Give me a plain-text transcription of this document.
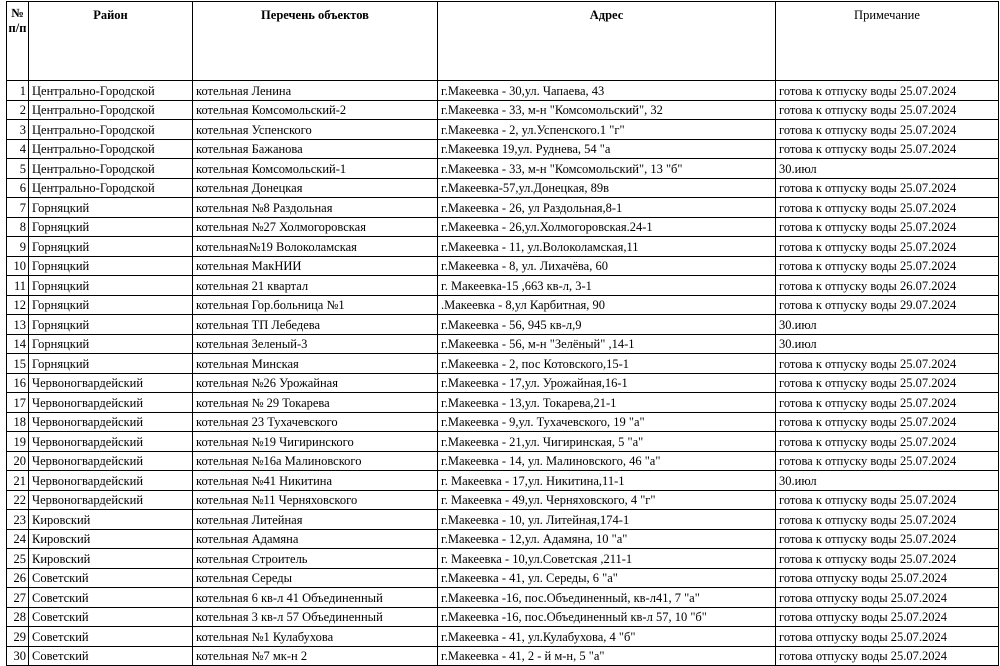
№ п/п	Район	Перечень объектов	Адрес	Примечание
1	Центрально-Городской	котельная Ленина	г.Макеевка - 30,ул. Чапаева, 43	готова к отпуску воды 25.07.2024
2	Центрально-Городской	котельная Комсомольский-2	г.Макеевка - 33, м-н "Комсомольский", 32	готова к отпуску воды 25.07.2024
3	Центрально-Городской	котельная Успенского	г.Макеевка - 2, ул.Успенского.1 "г"	готова к отпуску воды 25.07.2024
4	Центрально-Городской	котельная Бажанова	г.Макеевка 19,ул. Руднева, 54 "а	готова к отпуску воды 25.07.2024
5	Центрально-Городской	котельная Комсомольский-1	г.Макеевка - 33, м-н "Комсомольский", 13 "б"	30.июл
6	Центрально-Городской	котельная Донецкая	г.Макеевка-57,ул.Донецкая, 89в	готова к отпуску воды 25.07.2024
7	Горняцкий	котельная №8 Раздольная	г.Макеевка - 26, ул Раздольная,8-1	готова к отпуску воды 25.07.2024
8	Горняцкий	котельная №27 Холмогоровская	г.Макеевка - 26,ул.Холмогоровская.24-1	готова к отпуску воды 25.07.2024
9	Горняцкий	котельная№19 Волоколамская	г.Макеевка - 11, ул.Волоколамская,11	готова к отпуску воды 25.07.2024
10	Горняцкий	котельная МакНИИ	г.Макеевка - 8, ул. Лихачёва, 60	готова к отпуску воды 25.07.2024
11	Горняцкий	котельная 21 квартал	г. Макеевка-15 ,663 кв-л, 3-1	готова к отпуску воды 26.07.2024
12	Горняцкий	котельная Гор.больница №1	.Макеевка - 8,ул Карбитная, 90	готова к отпуску воды 29.07.2024
13	Горняцкий	котельная ТП Лебедева	г.Макеевка - 56, 945 кв-л,9	30.июл
14	Горняцкий	котельная Зеленый-3	г.Макеевка - 56, м-н "Зелёный" ,14-1	30.июл
15	Горняцкий	котельная Минская	г.Макеевка - 2, пос Котовского,15-1	готова к отпуску воды 25.07.2024
16	Червоногвардейский	котельная №26 Урожайная	г.Макеевка - 17,ул. Урожайная,16-1	готова к отпуску воды 25.07.2024
17	Червоногвардейский	котельная № 29 Токарева	г.Макеевка - 13,ул. Токарева,21-1	готова к отпуску воды 25.07.2024
18	Червоногвардейский	котельная 23 Тухачевского	г.Макеевка - 9,ул. Тухачевского, 19 "а"	готова к отпуску воды 25.07.2024
19	Червоногвардейский	котельная №19 Чигиринского	г.Макеевка - 21,ул. Чигиринская, 5 "а"	готова к отпуску воды 25.07.2024
20	Червоногвардейский	котельная №16а Малиновского	г.Макеевка - 14, ул. Малиновского, 46 "а"	готова к отпуску воды 25.07.2024
21	Червоногвардейский	котельная №41 Никитина	г. Макеевка - 17,ул. Никитина,11-1	30.июл
22	Червоногвардейский	котельная №11 Черняховского	г. Макеевка - 49,ул. Черняховского, 4 "г"	готова к отпуску воды 25.07.2024
23	Кировский	котельная Литейная	г.Макеевка - 10, ул. Литейная,174-1	готова к отпуску воды 25.07.2024
24	Кировский	котельная Адамяна	г.Макеевка - 12,ул. Адамяна, 10 "а"	готова к отпуску воды 25.07.2024
25	Кировский	котельная Строитель	г. Макеевка - 10,ул.Советская ,211-1	готова к отпуску воды 25.07.2024
26	Советский	котельная Середы	г.Макеевка - 41, ул. Середы, 6 "а"	готова отпуску воды 25.07.2024
27	Советский	котельная 6 кв-л 41 Объединенный	г.Макеевка -16, пос.Объединенный, кв-л41, 7 "а"	готова отпуску воды 25.07.2024
28	Советский	котельная 3 кв-л 57 Объединенный	г.Макеевка -16, пос.Объединенный кв-л 57, 10 "б"	готова отпуску воды 25.07.2024
29	Советский	котельная №1 Кулабухова	г.Макеевка - 41, ул.Кулабухова, 4 "б"	готова отпуску воды 25.07.2024
30	Советский	котельная №7 мк-н 2	г.Макеевка - 41, 2 - й м-н, 5 "а"	готова отпуску воды 25.07.2024
